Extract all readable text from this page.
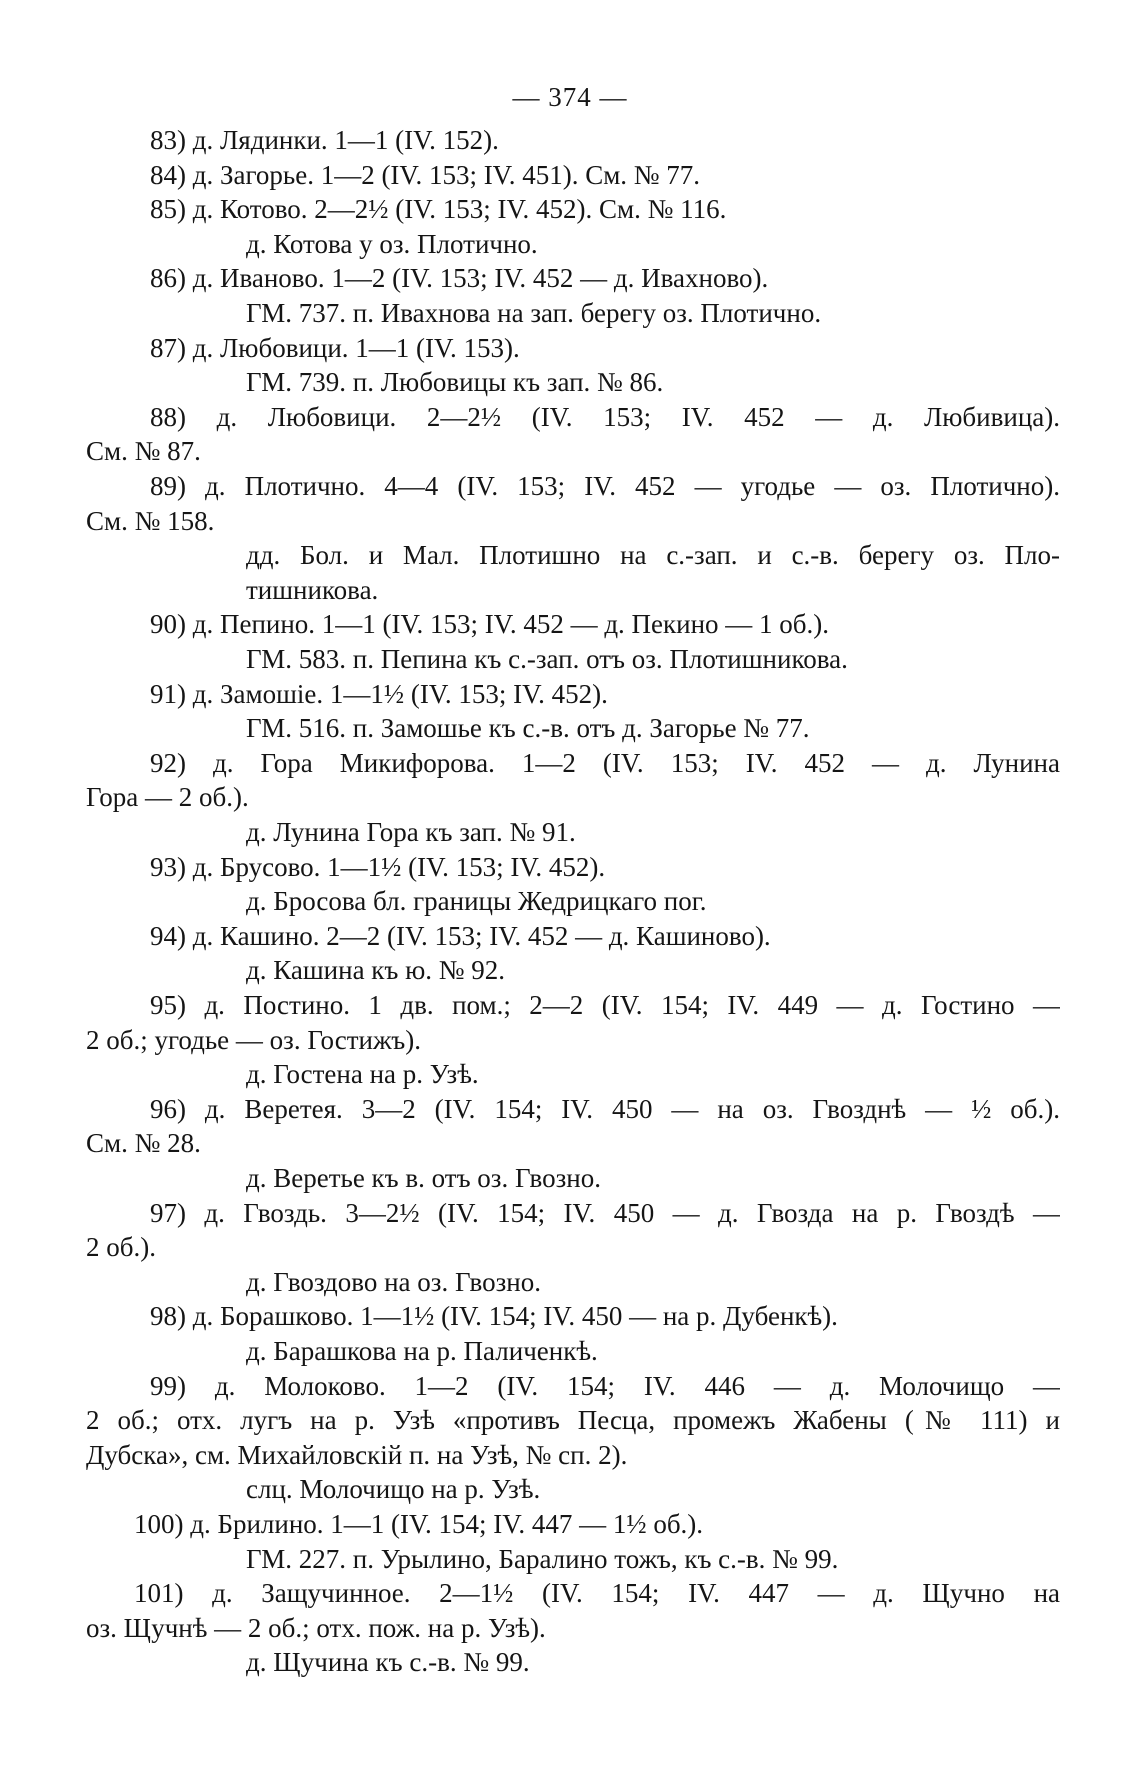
— 374 —
83) д. Лядинки. 1—1 (IV. 152).
84) д. Загорье. 1—2 (IV. 153; IV. 451). См. № 77.
85) д. Котово. 2—2½ (IV. 153; IV. 452). См. № 116.
д. Котова у оз. Плотично.
86) д. Иваново. 1—2 (IV. 153; IV. 452 — д. Ивахново).
ГМ. 737. п. Ивахнова на зап. берегу оз. Плотично.
87) д. Любовици. 1—1 (IV. 153).
ГМ. 739. п. Любовицы къ зап. № 86.
88) д. Любовици. 2—2½ (IV. 153; IV. 452 — д. Любивица).
См. № 87.
89) д. Плотично. 4—4 (IV. 153; IV. 452 — угодье — оз. Плотично).
См. № 158.
дд. Бол. и Мал. Плотишно на с.-зап. и с.-в. берегу оз. Пло-
тишникова.
90) д. Пепино. 1—1 (IV. 153; IV. 452 — д. Пекино — 1 об.).
ГМ. 583. п. Пепина къ с.-зап. отъ оз. Плотишникова.
91) д. Замошіе. 1—1½ (IV. 153; IV. 452).
ГМ. 516. п. Замошье къ с.-в. отъ д. Загорье № 77.
92) д. Гора Микифорова. 1—2 (IV. 153; IV. 452 — д. Лунина
Гора — 2 об.).
д. Лунина Гора къ зап. № 91.
93) д. Брусово. 1—1½ (IV. 153; IV. 452).
д. Бросова бл. границы Жедрицкаго пог.
94) д. Кашино. 2—2 (IV. 153; IV. 452 — д. Кашиново).
д. Кашина къ ю. № 92.
95) д. Постино. 1 дв. пом.; 2—2 (IV. 154; IV. 449 — д. Гостино —
2 об.; угодье — оз. Гостижъ).
д. Гостена на р. Узѣ.
96) д. Веретея. 3—2 (IV. 154; IV. 450 — на оз. Гвозднѣ — ½ об.).
См. № 28.
д. Веретье къ в. отъ оз. Гвозно.
97) д. Гвоздь. 3—2½ (IV. 154; IV. 450 — д. Гвозда на р. Гвоздѣ —
2 об.).
д. Гвоздово на оз. Гвозно.
98) д. Борашково. 1—1½ (IV. 154; IV. 450 — на р. Дубенкѣ).
д. Барашкова на р. Паличенкѣ.
99) д. Молоково. 1—2 (IV. 154; IV. 446 — д. Молочищо —
2 об.; отх. лугъ на р. Узѣ «противъ Песца, промежъ Жабены (№ 111) и
Дубска», см. Михайловскій п. на Узѣ, № сп. 2).
слц. Молочищо на р. Узѣ.
100) д. Брилино. 1—1 (IV. 154; IV. 447 — 1½ об.).
ГМ. 227. п. Урылино, Баралино тожъ, къ с.-в. № 99.
101) д. Защучинное. 2—1½ (IV. 154; IV. 447 — д. Щучно на
оз. Щучнѣ — 2 об.; отх. пож. на р. Узѣ).
д. Щучина къ с.-в. № 99.
